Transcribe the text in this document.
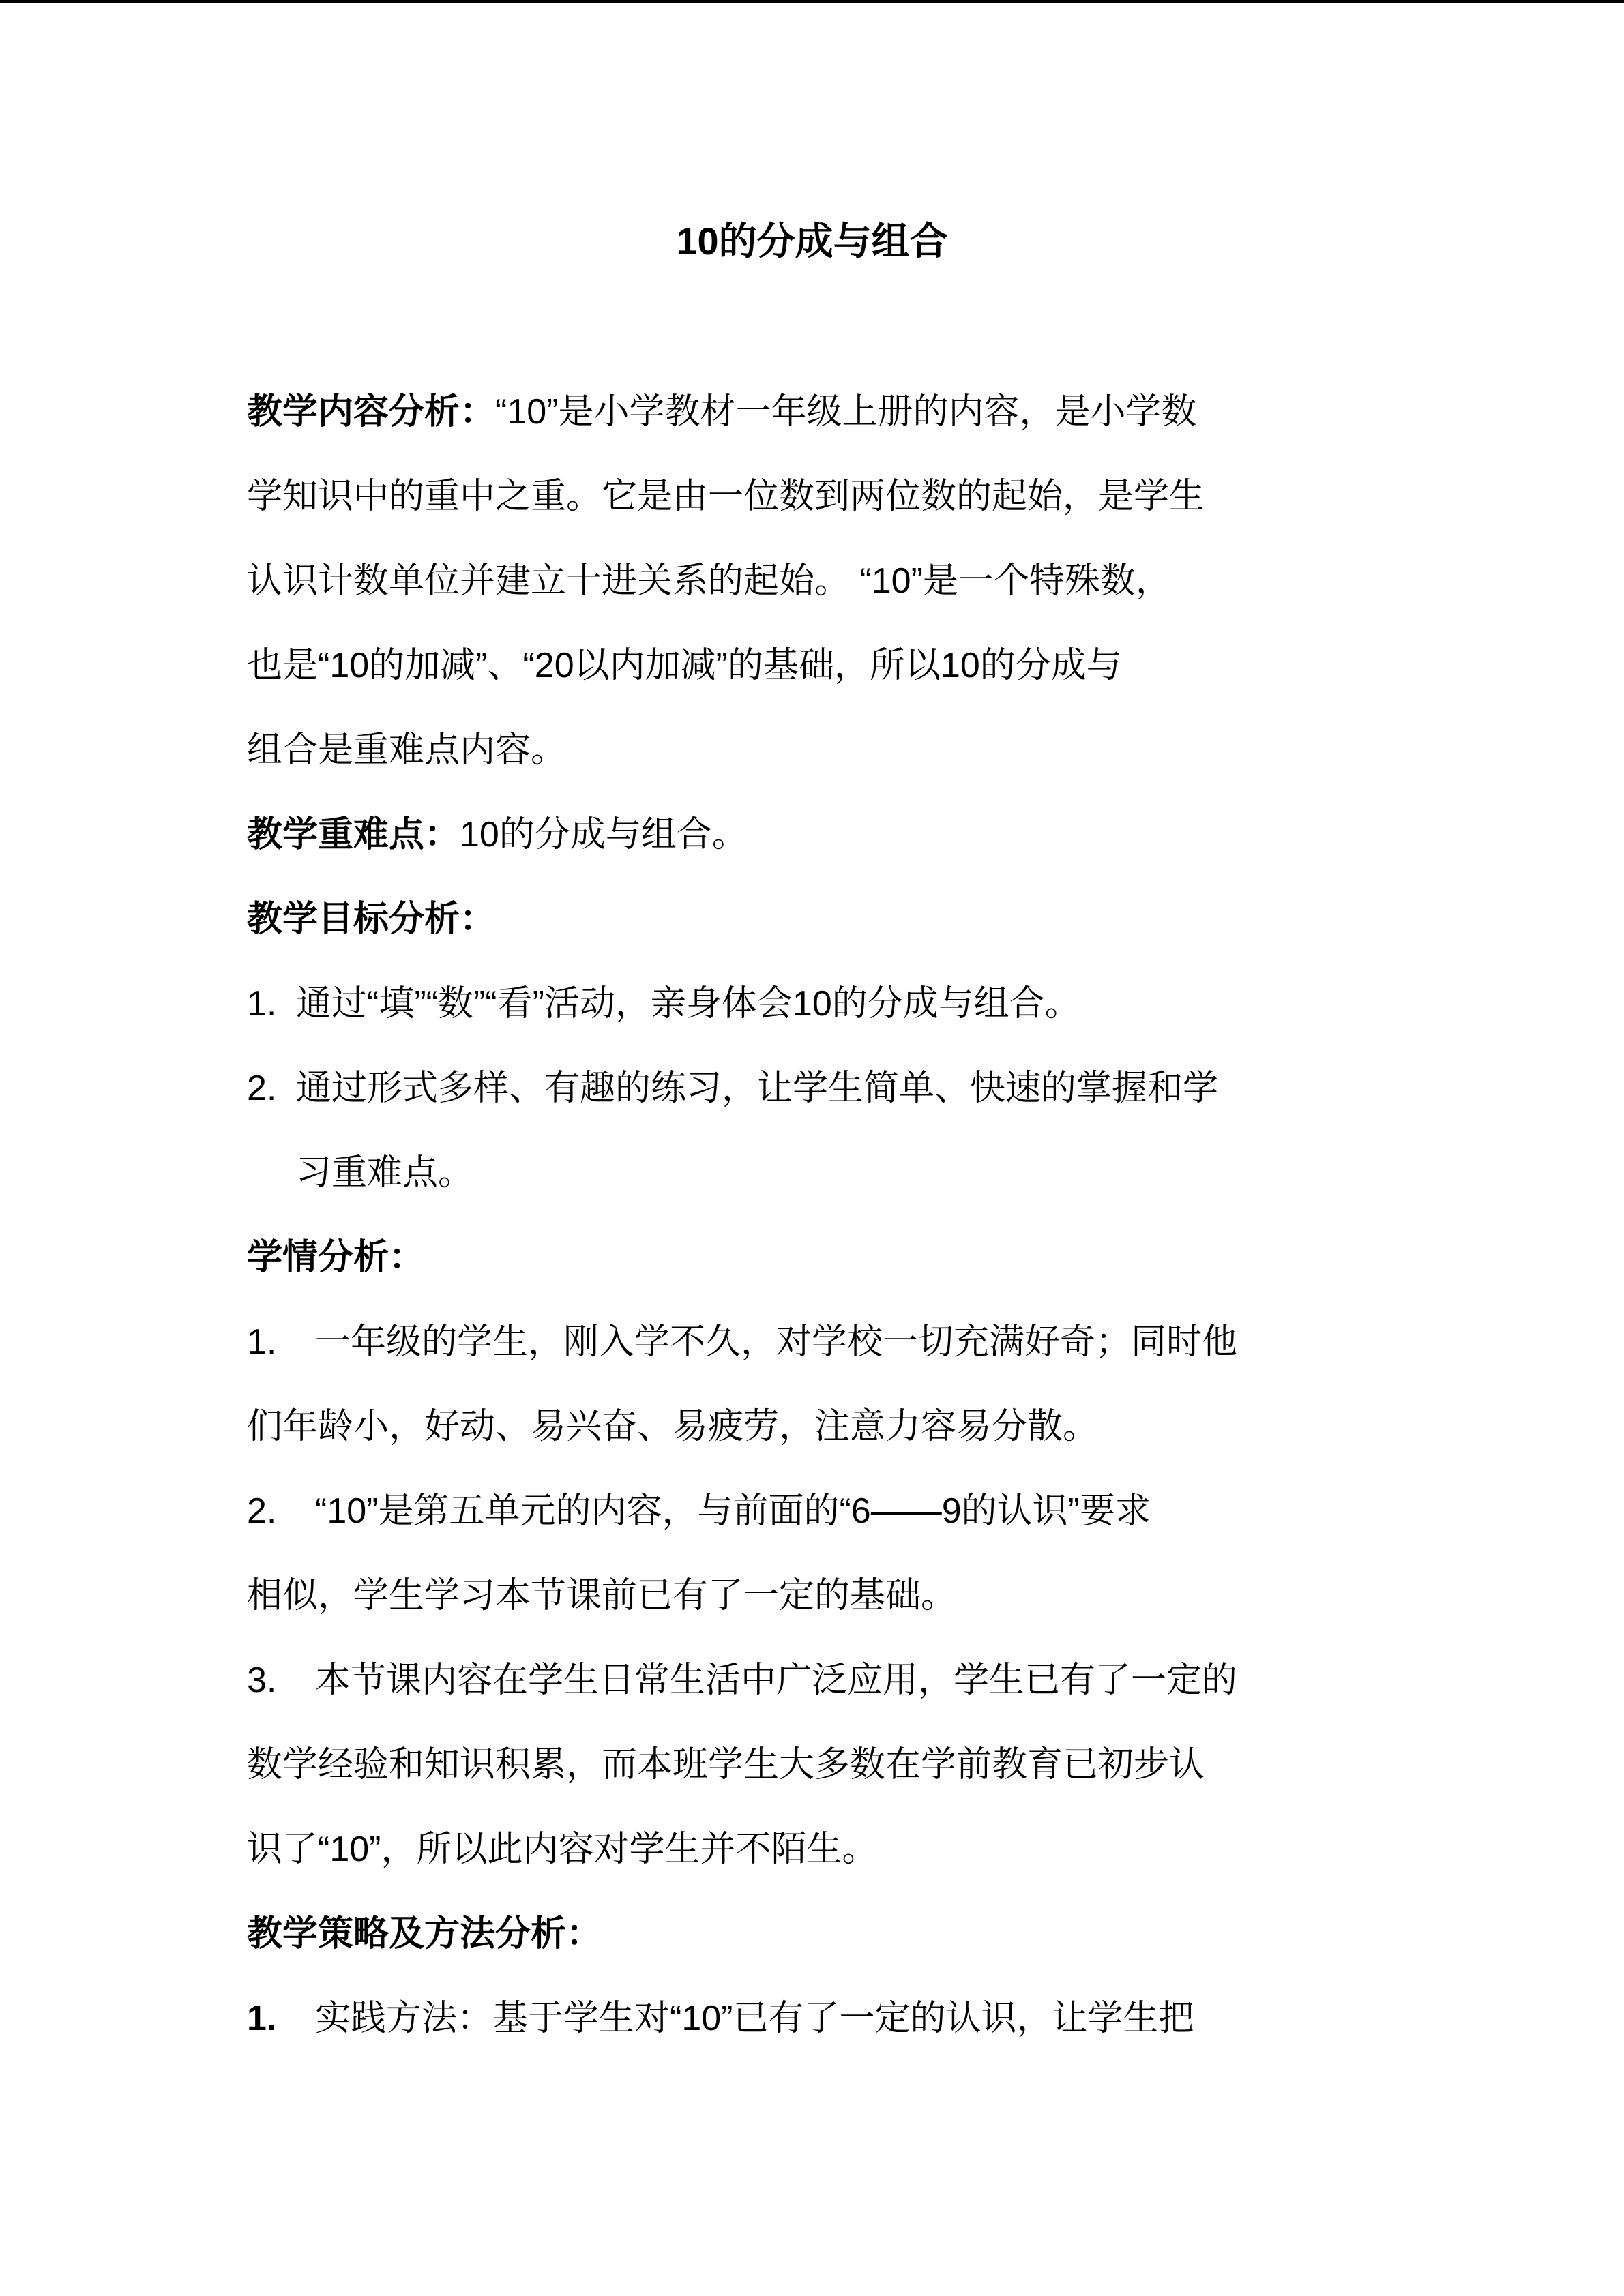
10的分成与组合
教学内容分析：“10”是小学教材一年级上册的内容，是小学数
学知识中的重中之重。它是由一位数到两位数的起始，是学生
认识计数单位并建立十进关系的起始。 “10”是一个特殊数，
也是“10的加减”、“20以内加减”的基础，所以10的分成与
组合是重难点内容。
教学重难点：10的分成与组合。
教学目标分析：
1. 通过“填”“数”“看”活动，亲身体会10的分成与组合。
2. 通过形式多样、有趣的练习，让学生简单、快速的掌握和学
习重难点。
学情分析：
1. 一年级的学生，刚入学不久，对学校一切充满好奇；同时他
们年龄小，好动、易兴奋、易疲劳，注意力容易分散。
2. “10”是第五单元的内容，与前面的“6——9的认识”要求
相似，学生学习本节课前已有了一定的基础。
3. 本节课内容在学生日常生活中广泛应用，学生已有了一定的
数学经验和知识积累，而本班学生大多数在学前教育已初步认
识了“10”，所以此内容对学生并不陌生。
教学策略及方法分析：
1. 实践方法：基于学生对“10”已有了一定的认识，让学生把
